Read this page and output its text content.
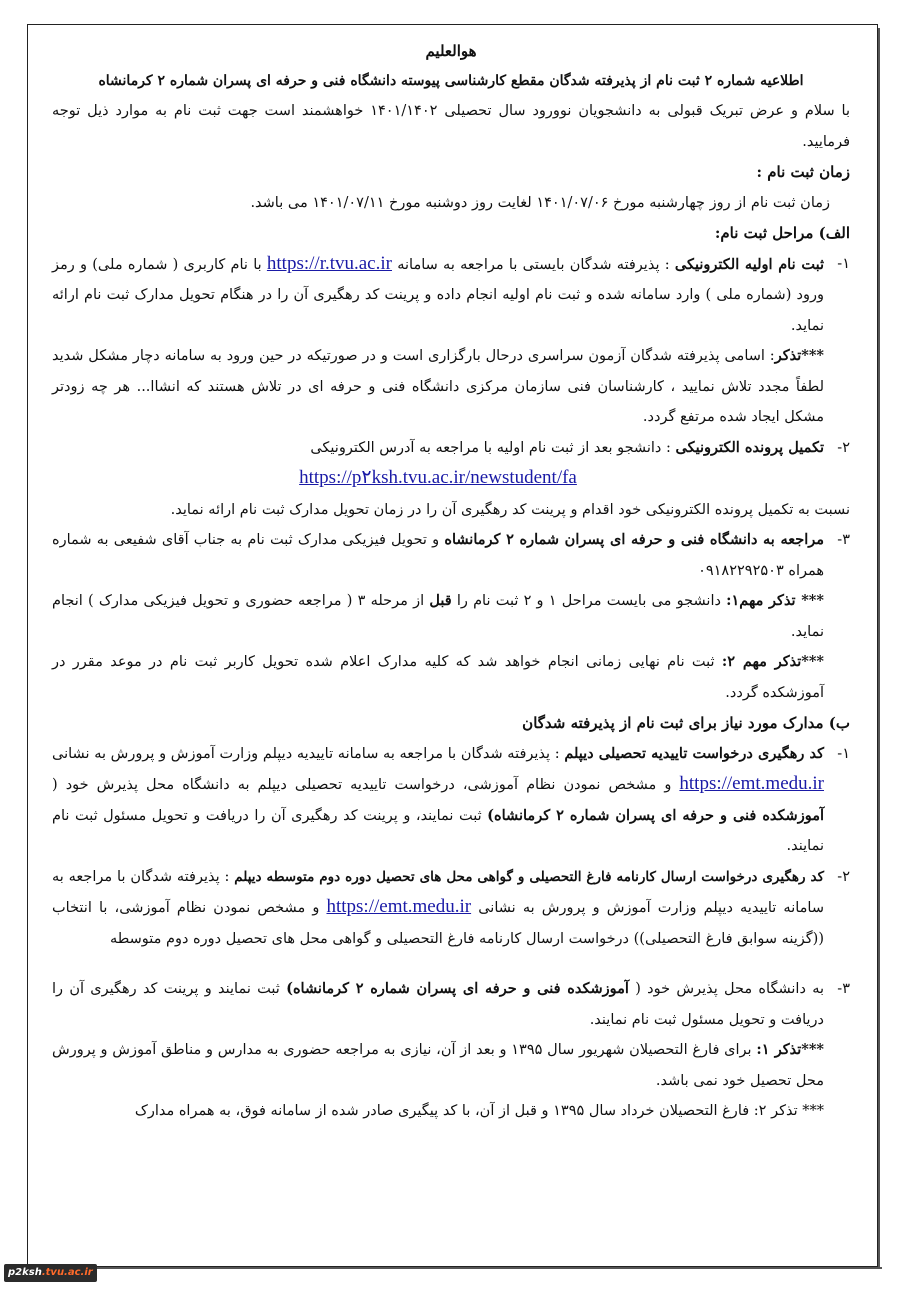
هوالعلیم
اطلاعیه شماره ۲ ثبت نام از پذیرفته شدگان مقطع کارشناسی پیوسته دانشگاه فنی و حرفه ای پسران شماره ۲ کرمانشاه

با سلام و عرض تبریک قبولی به دانشجویان نوورود سال تحصیلی ۱۴۰۱/۱۴۰۲ خواهشمند است جهت ثبت نام به موارد ذیل توجه فرمایید.

زمان ثبت نام :

زمان ثبت نام از روز چهارشنبه مورخ ۱۴۰۱/۰۷/۰۶ لغایت روز دوشنبه مورخ ۱۴۰۱/۰۷/۱۱ می باشد.

الف) مراحل ثبت نام:

۱-
ثبت نام اولیه الکترونیکی : پذیرفته شدگان بایستی با مراجعه به سامانه https://r.tvu.ac.ir با نام کاربری ( شماره ملی) و رمز ورود (شماره ملی ) وارد سامانه شده و ثبت نام اولیه انجام داده و پرینت کد رهگیری آن را در هنگام تحویل مدارک ثبت نام ارائه نماید.
***تذکر: اسامی پذیرفته شدگان آزمون سراسری درحال بارگزاری است و در صورتیکه در حین ورود به سامانه دچار مشکل شدید لطفاً مجدد تلاش نمایید ، کارشناسان فنی سازمان مرکزی دانشگاه فنی و حرفه ای در تلاش هستند که انشاا... هر چه زودتر مشکل ایجاد شده مرتفع گردد.
۲-
تکمیل پرونده الکترونیکی : دانشجو بعد از ثبت نام اولیه با مراجعه به آدرس الکترونیکی
https://p۲ksh.tvu.ac.ir/newstudent/fa

نسبت به تکمیل پرونده الکترونیکی خود اقدام و پرینت کد رهگیری آن را در زمان تحویل مدارک ثبت نام ارائه نماید.

۳-
مراجعه به دانشگاه فنی و حرفه ای پسران شماره ۲ کرمانشاه و تحویل فیزیکی مدارک ثبت نام به جناب آقای شفیعی به شماره همراه ۰۹۱۸۲۲۹۲۵۰۳
*** تذکر مهم۱: دانشجو می بایست مراحل ۱ و ۲ ثبت نام را قبل از مرحله ۳ ( مراجعه حضوری و تحویل فیزیکی مدارک ) انجام نماید.
***تذکر مهم ۲: ثبت نام نهایی زمانی انجام خواهد شد که کلیه مدارک اعلام شده تحویل کاربر ثبت نام در موعد مقرر در آموزشکده گردد.

ب) مدارک مورد نیاز برای ثبت نام از پذیرفته شدگان

۱-
کد رهگیری درخواست تاییدیه تحصیلی دیپلم : پذیرفته شدگان با مراجعه به سامانه تاییدیه دیپلم وزارت آموزش و پرورش به نشانی https://emt.medu.ir و مشخص نمودن نظام آموزشی، درخواست تاییدیه تحصیلی دیپلم به دانشگاه محل پذیرش خود ( آموزشکده فنی و حرفه ای پسران شماره ۲ کرمانشاه) ثبت نمایند، و پرینت کد رهگیری آن را دریافت و تحویل مسئول ثبت نام نمایند.
۲-
کد رهگیری درخواست ارسال کارنامه فارغ التحصیلی و گواهی محل های تحصیل دوره دوم متوسطه دیپلم : پذیرفته شدگان با مراجعه به سامانه تاییدیه دیپلم وزارت آموزش و پرورش به نشانی https://emt.medu.ir و مشخص نمودن نظام آموزشی، با انتخاب ((گزینه سوابق فارغ التحصیلی)) درخواست ارسال کارنامه فارغ التحصیلی و گواهی محل های تحصیل دوره دوم متوسطه
۳-
به دانشگاه محل پذیرش خود ( آموزشکده فنی و حرفه ای پسران شماره ۲ کرمانشاه) ثبت نمایند و پرینت کد رهگیری آن را دریافت و تحویل مسئول ثبت نام نمایند.
***تذکر ۱: برای فارغ التحصیلان شهریور سال ۱۳۹۵ و بعد از آن، نیازی به مراجعه حضوری به مدارس و مناطق آموزش و پرورش محل تحصیل خود نمی باشد.
*** تذکر ۲: فارغ التحصیلان خرداد سال ۱۳۹۵ و قبل از آن، با کد پیگیری صادر شده از سامانه فوق، به همراه مدارک
p2ksh.tvu.ac.ir
